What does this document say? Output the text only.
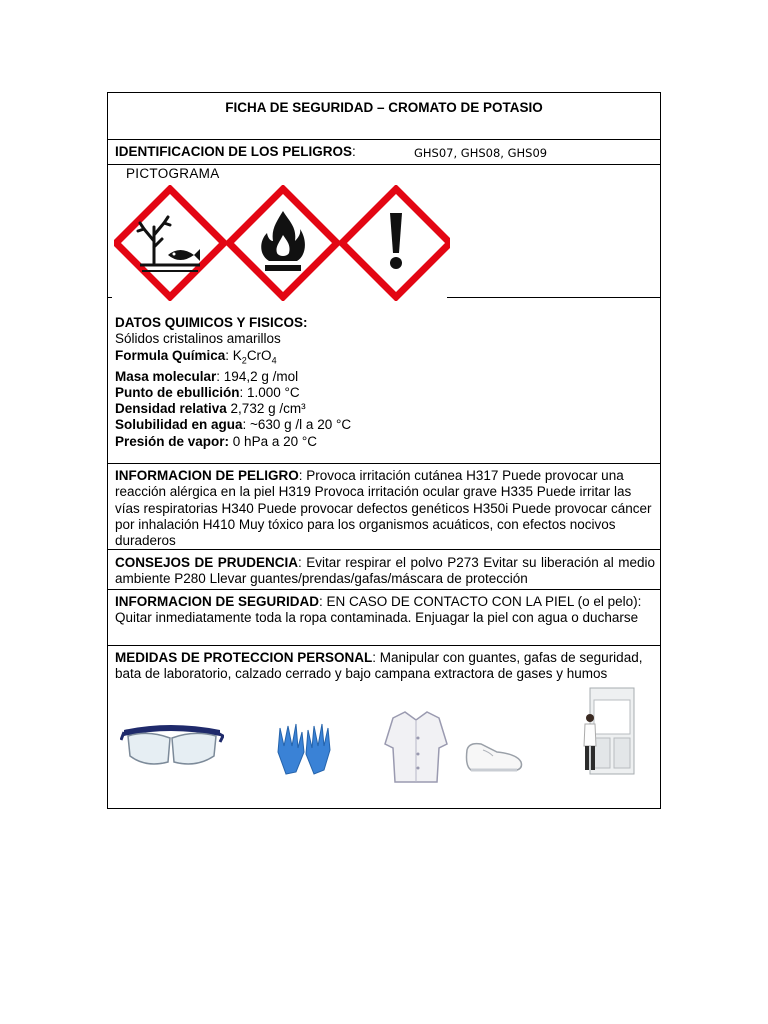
FICHA DE SEGURIDAD – CROMATO DE POTASIO
IDENTIFICACION DE LOS PELIGROS:	GHS07, GHS08, GHS09
PICTOGRAMA
DATOS QUIMICOS Y FISICOS:
Sólidos cristalinos amarillos
Formula Química: $K_2CrO_4$
Masa molecular: 194,2 g /mol
Punto de ebullición: 1.000 °C
Densidad relativa 2,732 g /cm³
Solubilidad en agua: ~630 g /l a 20 °C
Presión de vapor: 0 hPa a 20 °C
INFORMACION DE PELIGRO: Provoca irritación cutánea H317 Puede provocar una reacción alérgica en la piel H319 Provoca irritación ocular grave H335 Puede irritar las vías respiratorias H340 Puede provocar defectos genéticos H350i Puede provocar cáncer por inhalación H410 Muy tóxico para los organismos acuáticos, con efectos nocivos duraderos
CONSEJOS DE PRUDENCIA: Evitar respirar el polvo P273 Evitar su liberación al medio ambiente P280 Llevar guantes/prendas/gafas/máscara de protección
INFORMACION DE SEGURIDAD: EN CASO DE CONTACTO CON LA PIEL (o el pelo): Quitar inmediatamente toda la ropa contaminada. Enjuagar la piel con agua o ducharse
MEDIDAS DE PROTECCION PERSONAL: Manipular con guantes, gafas de seguridad, bata de laboratorio, calzado cerrado y bajo campana extractora de gases y humos
